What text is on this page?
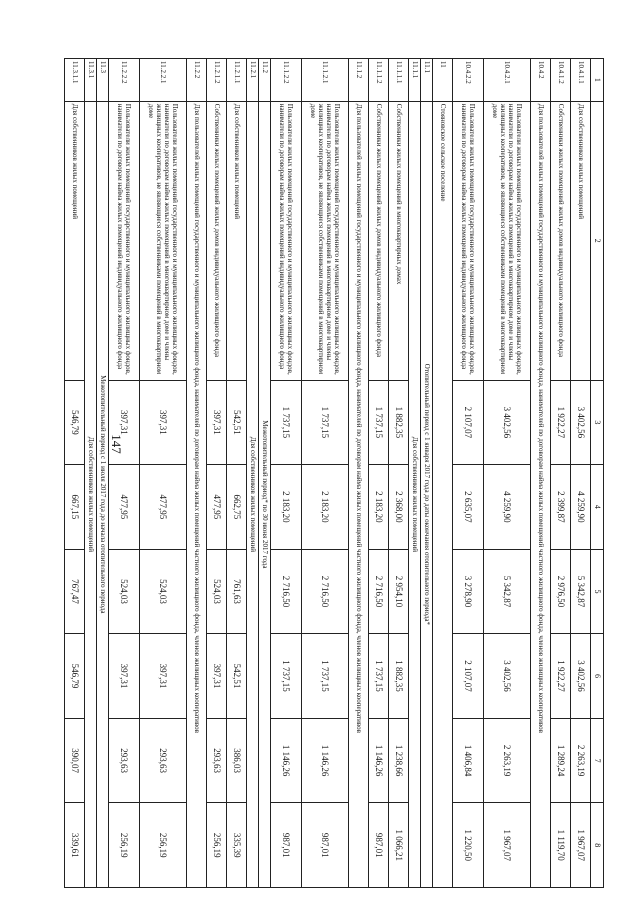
147
1	2	3	4	5	6	7	8
10.4.1.1	Для собственников жилых помещений	3 402,56	4 259,90	5 342,87	3 402,56	2 263,19	1 967,07
10.4.1.2	Собственники жилых помещений жилых домов индивидуального жилищного фонда	1 922,27	2 399,87	2 976,50	1 922,27	1 289,24	1 119,70
10.4.2	Для пользователей жилых помещений государственного и муниципального жилищного фонда, нанимателей по договорам найма жилых помещений частного жилищного фонда, членов жилищных кооперативов						
10.4.2.1	Пользователи жилых помещений государственного и муниципального жилищных фондов, наниматели по договорам найма жилых помещений в многоквартирном доме и члены жилищных кооперативов, не являющиеся собственниками помещений в многоквартирном доме	3 402,56	4 259,90	5 342,87	3 402,56	2 263,19	1 967,07
10.4.2.2	Пользователи жилых помещений государственного и муниципального жилищных фондов, наниматели по договорам найма жилых помещений индивидуального жилищного фонда	2 107,07	2 635,07	3 278,90	2 107,07	1 406,84	1 220,50
11	Стояновское сельское поселение						
11.1	Отопительный период с 1 января 2017 года до даты окончания отопительного периода*						
11.1.1	Для собственников жилых помещений						
11.1.1.1	Собственники жилых помещений в многоквартирных домах	1 882,35	2 368,00	2 954,10	1 882,35	1 238,66	1 066,21
11.1.1.2	Собственники жилых помещений жилых домов индивидуального жилищного фонда	1 737,15	2 183,20	2 716,50	1 737,15	1 146,26	987,01
11.1.2	Для пользователей жилых помещений государственного и муниципального жилищного фонда, нанимателей по договорам найма жилых помещений частного жилищного фонда, членов жилищных кооперативов						
11.1.2.1	Пользователи жилых помещений государственного и муниципального жилищных фондов, наниматели по договорам найма жилых помещений в многоквартирном доме и члены жилищных кооперативов, не являющиеся собственниками помещений в многоквартирном доме	1 737,15	2 183,20	2 716,50	1 737,15	1 146,26	987,01
11.1.2.2	Пользователи жилых помещений государственного и муниципального жилищных фондов, наниматели по договорам найма жилых помещений индивидуального жилищного фонда	1 737,15	2 183,20	2 716,50	1 737,15	1 146,26	987,01
11.2	Межотопительный период* по 30 июня 2017 года						
11.2.1	Для собственников жилых помещений						
11.2.1.1	Для собственников жилых помещений	542,51	662,75	761,63	542,51	386,03	335,39
11.2.1.2	Собственники жилых помещений жилых домов индивидуального жилищного фонда	397,31	477,95	524,03	397,31	293,63	256,19
11.2.2	Для пользователей жилых помещений государственного и муниципального жилищного фонда, нанимателей по договорам найма жилых помещений частного жилищного фонда, членов жилищных кооперативов						
11.2.2.1	Пользователи жилых помещений государственного и муниципального жилищных фондов, наниматели по договорам найма жилых помещений в многоквартирном доме и члены жилищных кооперативов, не являющиеся собственниками помещений в многоквартирном доме	397,31	477,95	524,03	397,31	293,63	256,19
11.2.2.2	Пользователи жилых помещений государственного и муниципального жилищных фондов, наниматели по договорам найма жилых помещений индивидуального жилищного фонда	397,31	477,95	524,03	397,31	293,63	256,19
11.3	Межотопительный период с 1 июля 2017 года до начала отопительного периода						
11.3.1	Для собственников жилых помещений						
11.3.1.1	Для собственников жилых помещений	546,79	667,15	767,47	546,79	390,07	339,61
